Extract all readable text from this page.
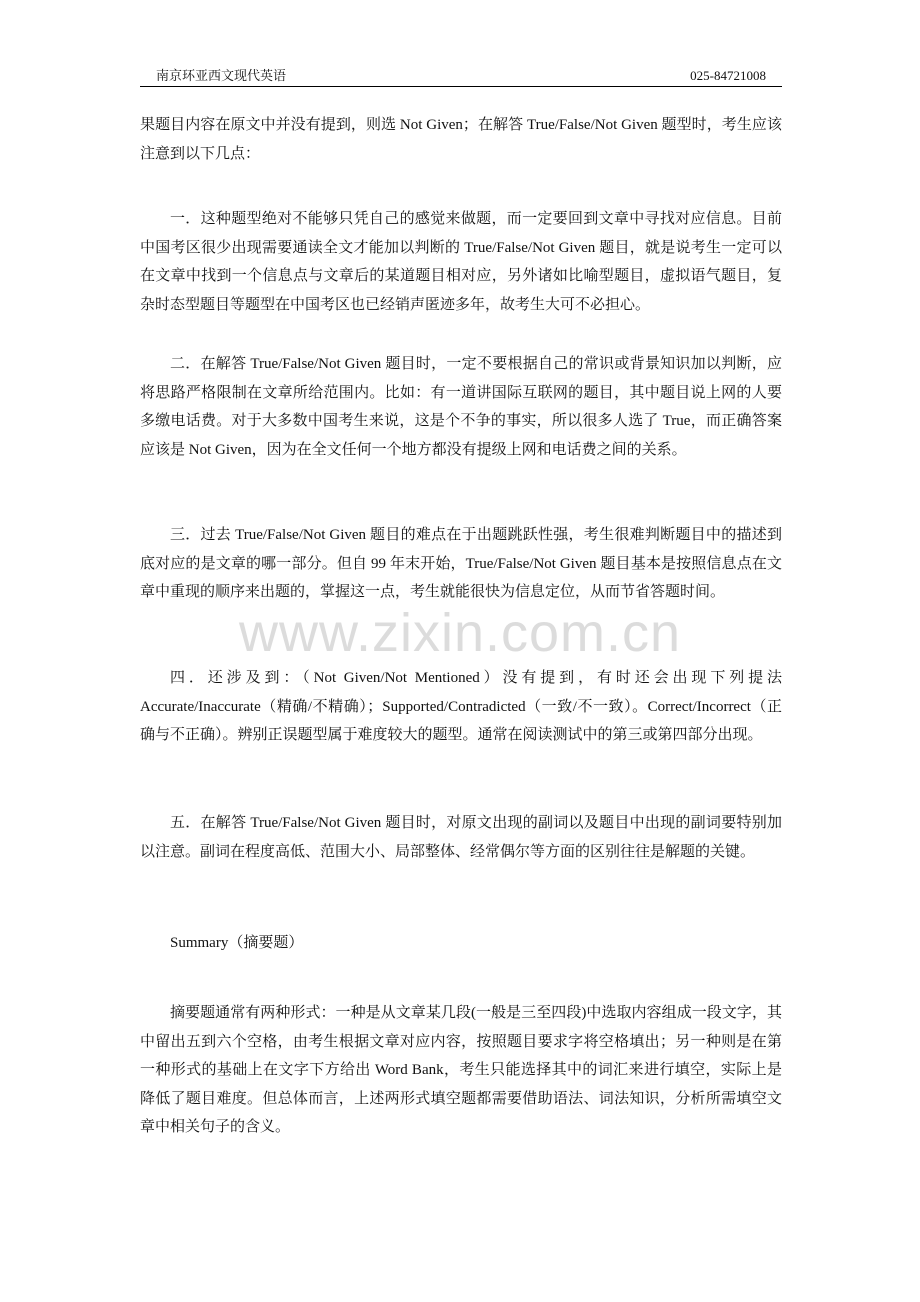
南京环亚西文现代英语	025-84721008

果题目内容在原文中并没有提到，则选 Not Given；在解答 True/False/Not Given 题型时，考生应该注意到以下几点：

一．这种题型绝对不能够只凭自己的感觉来做题，而一定要回到文章中寻找对应信息。目前中国考区很少出现需要通读全文才能加以判断的 True/False/Not Given 题目，就是说考生一定可以在文章中找到一个信息点与文章后的某道题目相对应，另外诸如比喻型题目，虚拟语气题目，复杂时态型题目等题型在中国考区也已经销声匿迹多年，故考生大可不必担心。

二．在解答 True/False/Not Given 题目时，一定不要根据自己的常识或背景知识加以判断，应将思路严格限制在文章所给范围内。比如：有一道讲国际互联网的题目，其中题目说上网的人要多缴电话费。对于大多数中国考生来说，这是个不争的事实，所以很多人选了 True，而正确答案应该是 Not Given，因为在全文任何一个地方都没有提级上网和电话费之间的关系。

三．过去 True/False/Not Given 题目的难点在于出题跳跃性强，考生很难判断题目中的描述到底对应的是文章的哪一部分。但自 99 年末开始，True/False/Not Given 题目基本是按照信息点在文章中重现的顺序来出题的，掌握这一点，考生就能很快为信息定位，从而节省答题时间。

www.zixin.com.cn

四．还涉及到：（Not Given/Not Mentioned）没有提到，有时还会出现下列提法 Accurate/Inaccurate（精确/不精确）；Supported/Contradicted（一致/不一致）。Correct/Incorrect（正确与不正确）。辨别正误题型属于难度较大的题型。通常在阅读测试中的第三或第四部分出现。

五．在解答 True/False/Not Given 题目时，对原文出现的副词以及题目中出现的副词要特别加以注意。副词在程度高低、范围大小、局部整体、经常偶尔等方面的区别往往是解题的关键。

Summary（摘要题）

摘要题通常有两种形式：一种是从文章某几段(一般是三至四段)中选取内容组成一段文字，其中留出五到六个空格，由考生根据文章对应内容，按照题目要求字将空格填出；另一种则是在第一种形式的基础上在文字下方给出 Word Bank，考生只能选择其中的词汇来进行填空，实际上是降低了题目难度。但总体而言，上述两形式填空题都需要借助语法、词法知识，分析所需填空文章中相关句子的含义。
